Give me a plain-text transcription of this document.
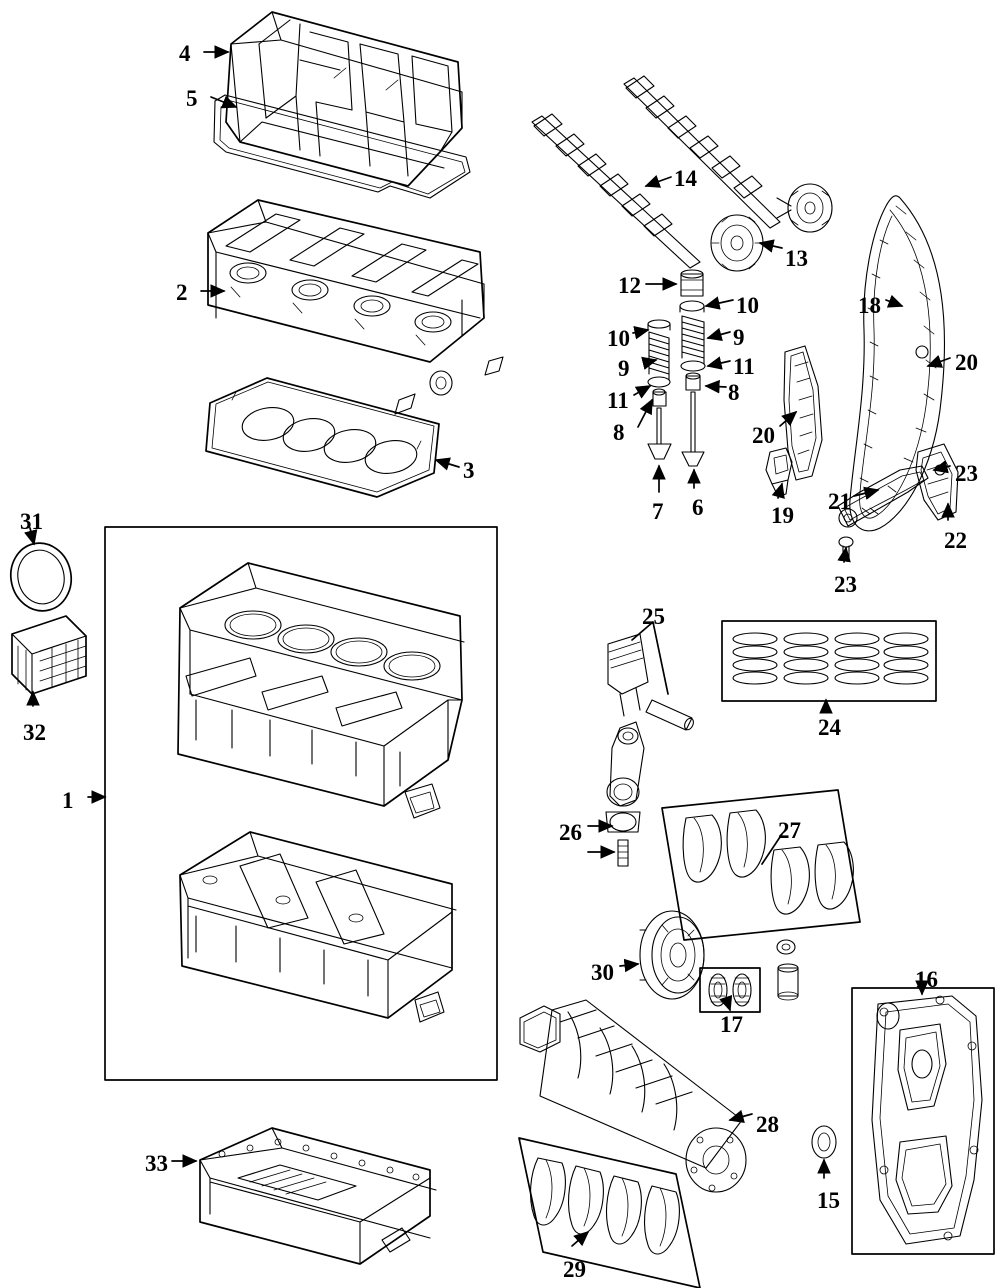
4
5
2
3
14
13
12
10
10	9
9	11
8
11
8
7 6
20
19
18
20
23
21
22
23
31
32
1
33
25
24
26	27
30
17
16
15
28
29
